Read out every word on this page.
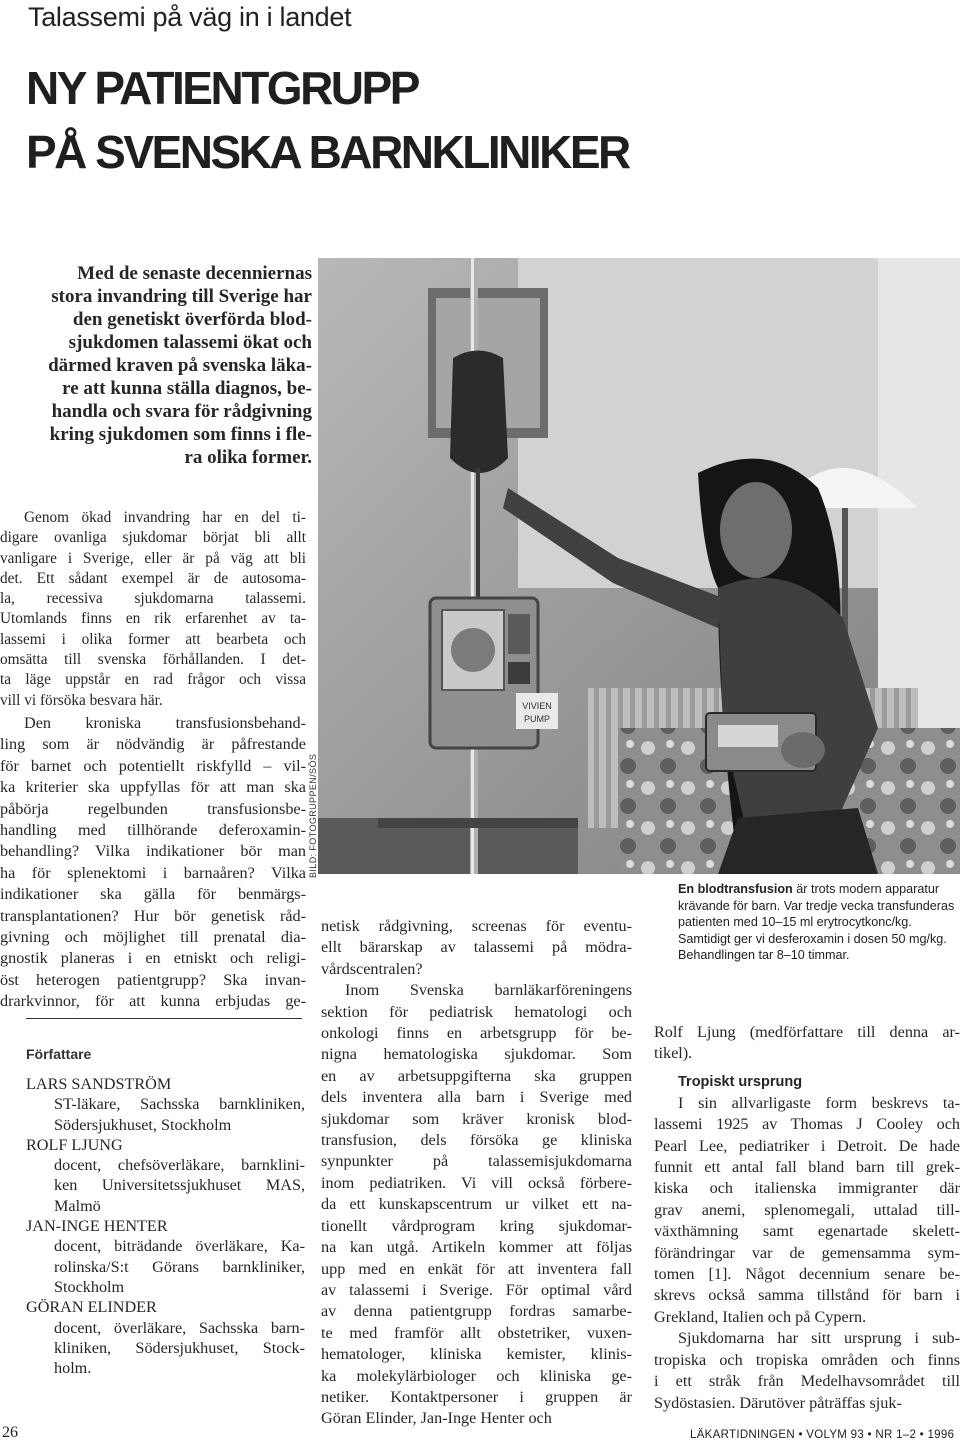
Talassemi på väg in i landet
NY PATIENTGRUPP
PÅ SVENSKA BARNKLINIKER
Med de senaste decenniernas
stora invandring till Sverige har
den genetiskt överförda blod-
sjukdomen talassemi ökat och
därmed kraven på svenska läka-
re att kunna ställa diagnos, be-
handla och svara för rådgivning
kring sjukdomen som finns i fle-
ra olika former.
Genom ökad invandring har en del ti-
digare ovanliga sjukdomar börjat bli allt
vanligare i Sverige, eller är på väg att bli
det. Ett sådant exempel är de autosoma-
la, recessiva sjukdomarna talassemi.
Utomlands finns en rik erfarenhet av ta-
lassemi i olika former att bearbeta och
omsätta till svenska förhållanden. I det-
ta läge uppstår en rad frågor och vissa
vill vi försöka besvara här.
Den kroniska transfusionsbehand-
ling som är nödvändig är påfrestande
för barnet och potentiellt riskfylld – vil-
ka kriterier ska uppfyllas för att man ska
påbörja regelbunden transfusionsbe-
handling med tillhörande deferoxamin-
behandling? Vilka indikationer bör man
ha för splenektomi i barnaåren? Vilka
indikationer ska gälla för benmärgs-
transplantationen? Hur bör genetisk råd-
givning och möjlighet till prenatal dia-
gnostik planeras i en etniskt och religi-
öst heterogen patientgrupp? Ska invan-
drarkvinnor, för att kunna erbjudas ge-
Författare
LARS SANDSTRÖM
ST-läkare, Sachsska barnkliniken,
Södersjukhuset, Stockholm
ROLF LJUNG
docent, chefsöverläkare, barnklini-
ken Universitetssjukhuset MAS,
Malmö
JAN-INGE HENTER
docent, biträdande överläkare, Ka-
rolinska/S:t Görans barnkliniker,
Stockholm
GÖRAN ELINDER
docent, överläkare, Sachsska barn-
kliniken, Södersjukhuset, Stock-
holm.
VIVIEN
PUMP
BILD: FOTOGRUPPEN/SÖS
En blodtransfusion är trots modern apparatur krävande för barn. Var tredje vecka transfunderas patienten med 10–15 ml erytrocytkonc/kg. Samtidigt ger vi desferoxamin i dosen 50 mg/kg. Behandlingen tar 8–10 timmar.
netisk rådgivning, screenas för eventu-
ellt bärarskap av talassemi på mödra-
vårdscentralen?
Inom Svenska barnläkarföreningens
sektion för pediatrisk hematologi och
onkologi finns en arbetsgrupp för be-
nigna hematologiska sjukdomar. Som
en av arbetsuppgifterna ska gruppen
dels inventera alla barn i Sverige med
sjukdomar som kräver kronisk blod-
transfusion, dels försöka ge kliniska
synpunkter på talassemisjukdomarna
inom pediatriken. Vi vill också förbere-
da ett kunskapscentrum ur vilket ett na-
tionellt vårdprogram kring sjukdomar-
na kan utgå. Artikeln kommer att följas
upp med en enkät för att inventera fall
av talassemi i Sverige. För optimal vård
av denna patientgrupp fordras samarbe-
te med framför allt obstetriker, vuxen-
hematologer, kliniska kemister, klinis-
ka molekylärbiologer och kliniska ge-
netiker. Kontaktpersoner i gruppen är
Göran Elinder, Jan-Inge Henter och
Rolf Ljung (medförfattare till denna ar-
tikel).
Tropiskt ursprung
I sin allvarligaste form beskrevs ta-
lassemi 1925 av Thomas J Cooley och
Pearl Lee, pediatriker i Detroit. De hade
funnit ett antal fall bland barn till grek-
kiska och italienska immigranter där
grav anemi, splenomegali, uttalad till-
växthämning samt egenartade skelett-
förändringar var de gemensamma sym-
tomen [1]. Något decennium senare be-
skrevs också samma tillstånd för barn i
Grekland, Italien och på Cypern.
Sjukdomarna har sitt ursprung i sub-
tropiska och tropiska områden och finns
i ett stråk från Medelhavsområdet till
Sydöstasien. Därutöver påträffas sjuk-
26	LÄKARTIDNINGEN • VOLYM 93 • NR 1–2 • 1996
